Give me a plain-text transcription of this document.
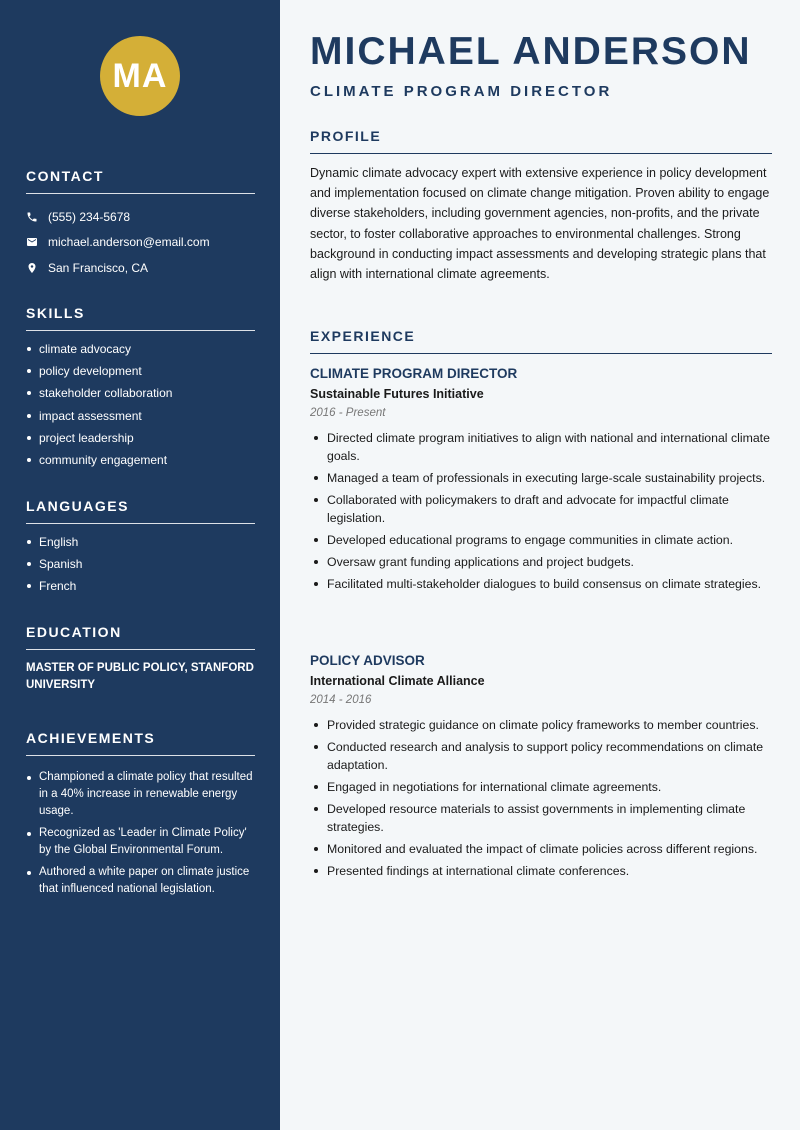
MA
CONTACT
(555) 234-5678
michael.anderson@email.com
San Francisco, CA
SKILLS
climate advocacy
policy development
stakeholder collaboration
impact assessment
project leadership
community engagement
LANGUAGES
English
Spanish
French
EDUCATION

MASTER OF PUBLIC POLICY, STANFORD UNIVERSITY

ACHIEVEMENTS
Championed a climate policy that resulted in a 40% increase in renewable energy usage.
Recognized as 'Leader in Climate Policy' by the Global Environmental Forum.
Authored a white paper on climate justice that influenced national legislation.
MICHAEL ANDERSON
CLIMATE PROGRAM DIRECTOR
PROFILE

Dynamic climate advocacy expert with extensive experience in policy development and implementation focused on climate change mitigation. Proven ability to engage diverse stakeholders, including government agencies, non-profits, and the private sector, to foster collaborative approaches to environmental challenges. Strong background in conducting impact assessments and developing strategic plans that align with international climate agreements.

EXPERIENCE
CLIMATE PROGRAM DIRECTOR
Sustainable Futures Initiative
2016 - Present
Directed climate program initiatives to align with national and international climate goals.
Managed a team of professionals in executing large-scale sustainability projects.
Collaborated with policymakers to draft and advocate for impactful climate legislation.
Developed educational programs to engage communities in climate action.
Oversaw grant funding applications and project budgets.
Facilitated multi-stakeholder dialogues to build consensus on climate strategies.
POLICY ADVISOR
International Climate Alliance
2014 - 2016
Provided strategic guidance on climate policy frameworks to member countries.
Conducted research and analysis to support policy recommendations on climate adaptation.
Engaged in negotiations for international climate agreements.
Developed resource materials to assist governments in implementing climate strategies.
Monitored and evaluated the impact of climate policies across different regions.
Presented findings at international climate conferences.
